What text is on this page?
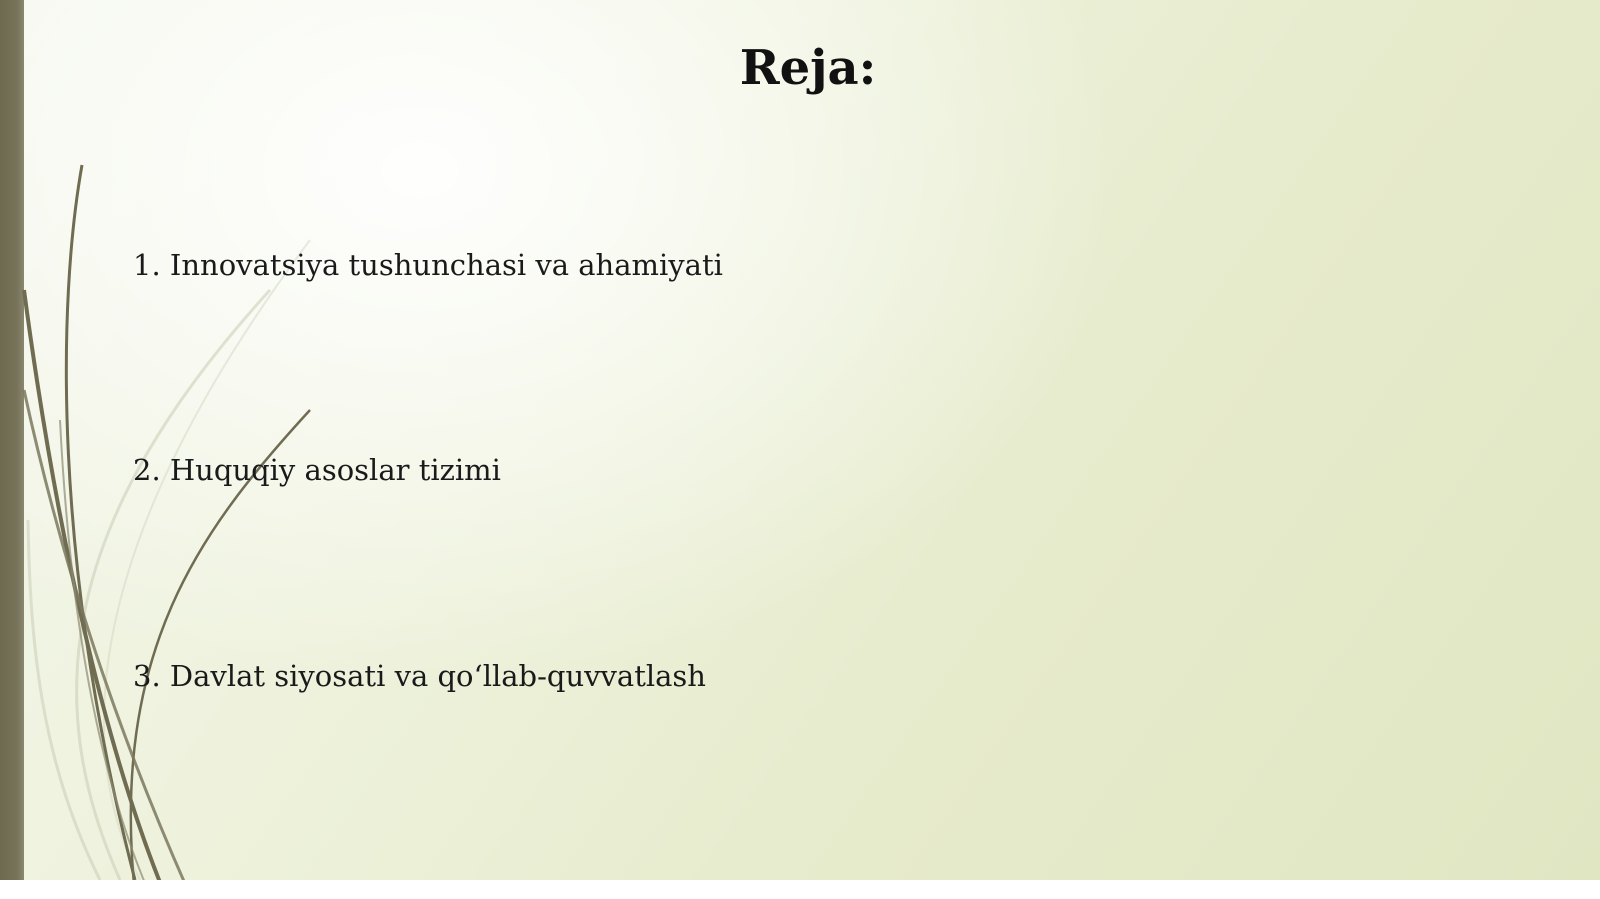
Reja:
1. Innovatsiya tushunchasi va ahamiyati
2. Huquqiy asoslar tizimi
3. Davlat siyosati va qo‘llab-quvvatlash
